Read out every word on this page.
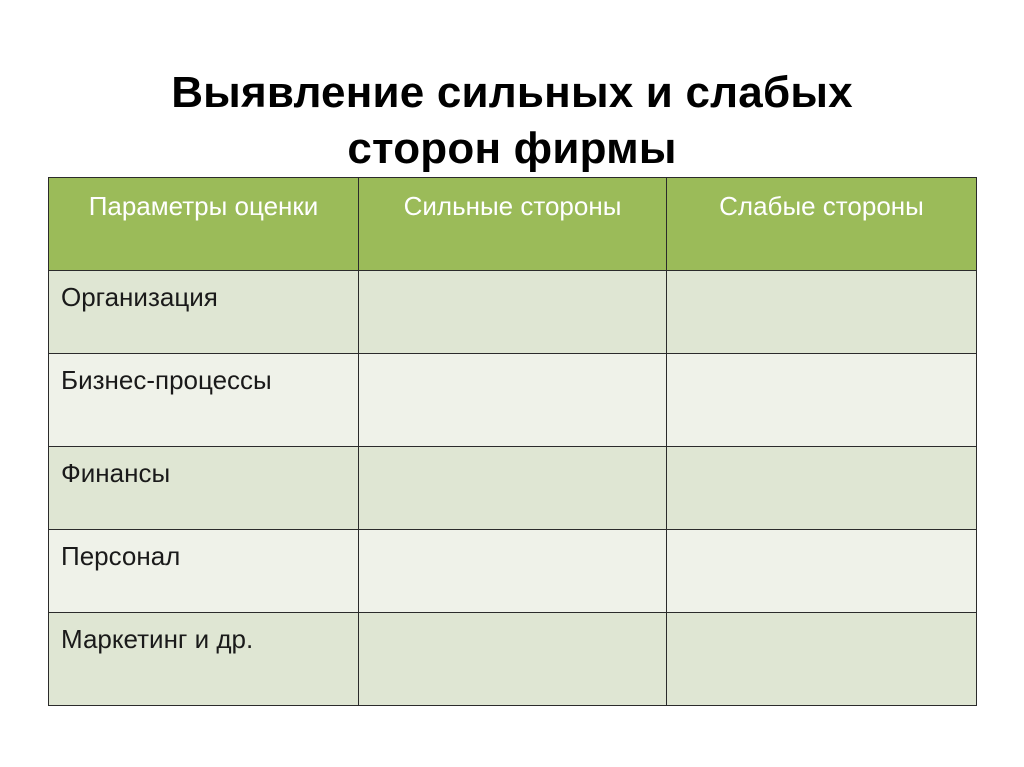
Выявление сильных и слабых
сторон фирмы
Параметры оценки	Сильные стороны	Слабые стороны
Организация		
Бизнес-процессы		
Финансы		
Персонал		
Маркетинг и др.		
